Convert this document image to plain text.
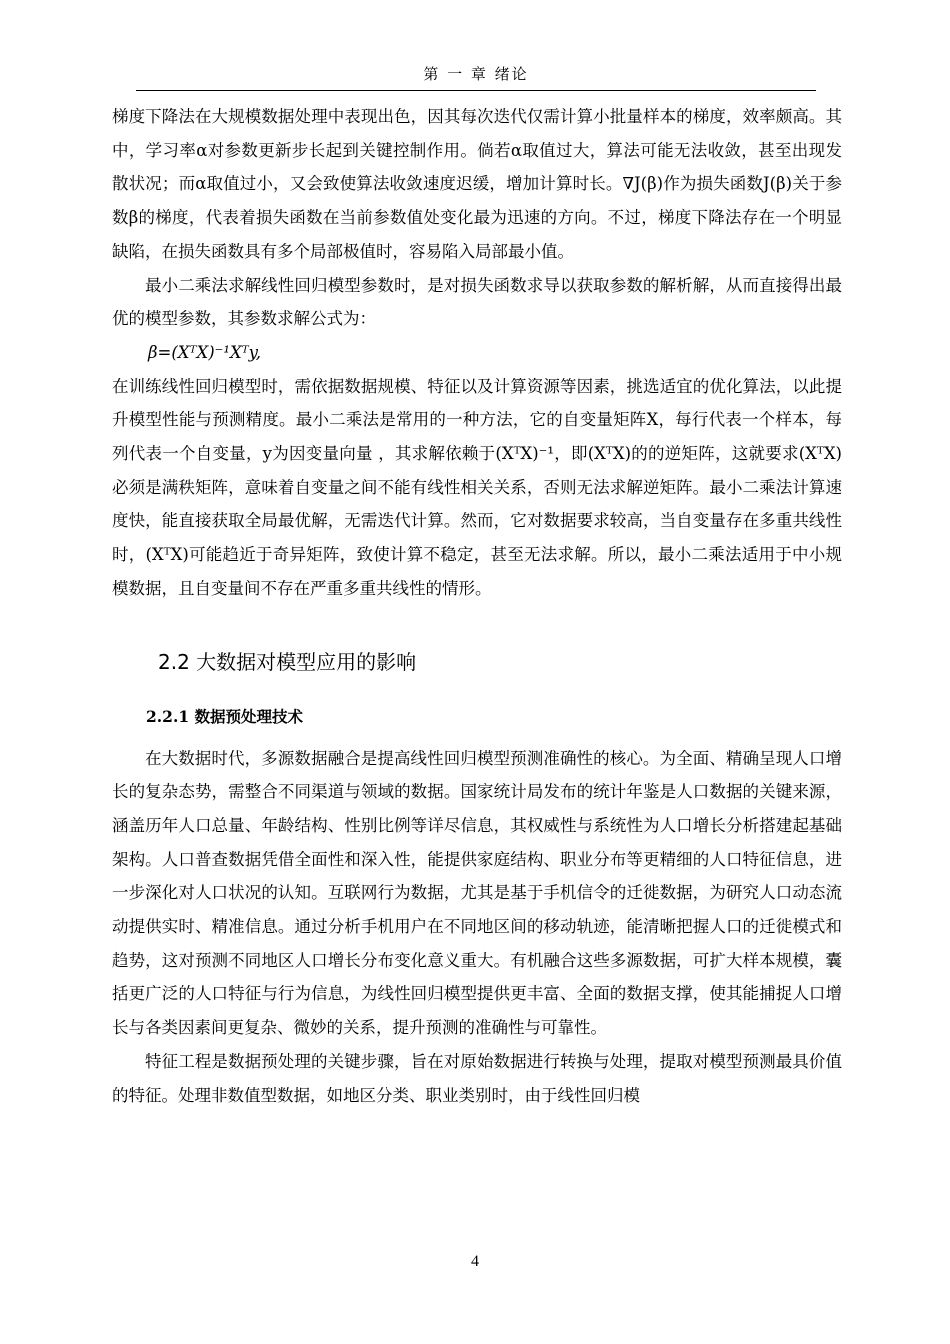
第 一 章 绪论

梯度下降法在大规模数据处理中表现出色，因其每次迭代仅需计算小批量样本的梯度，效率颇高。其中，学习率α对参数更新步长起到关键控制作用。倘若α取值过大，算法可能无法收敛，甚至出现发散状况；而α取值过小，又会致使算法收敛速度迟缓，增加计算时长。∇J(β)作为损失函数J(β)关于参数β的梯度，代表着损失函数在当前参数值处变化最为迅速的方向。不过，梯度下降法存在一个明显缺陷，在损失函数具有多个局部极值时，容易陷入局部最小值。

最小二乘法求解线性回归模型参数时，是对损失函数求导以获取参数的解析解，从而直接得出最优的模型参数，其参数求解公式为：

β=(XᵀX)⁻¹Xᵀy,

在训练线性回归模型时，需依据数据规模、特征以及计算资源等因素，挑选适宜的优化算法，以此提升模型性能与预测精度。最小二乘法是常用的一种方法，它的自变量矩阵X，每行代表一个样本，每列代表一个自变量，y为因变量向量 ，其求解依赖于(XᵀX)⁻¹，即(XᵀX)的的逆矩阵，这就要求(XᵀX)必须是满秩矩阵，意味着自变量之间不能有线性相关关系，否则无法求解逆矩阵。最小二乘法计算速度快，能直接获取全局最优解，无需迭代计算。然而，它对数据要求较高，当自变量存在多重共线性时，(XᵀX)可能趋近于奇异矩阵，致使计算不稳定，甚至无法求解。所以，最小二乘法适用于中小规模数据，且自变量间不存在严重多重共线性的情形。

2.2 大数据对模型应用的影响
2.2.1 数据预处理技术

在大数据时代，多源数据融合是提高线性回归模型预测准确性的核心。为全面、精确呈现人口增长的复杂态势，需整合不同渠道与领域的数据。国家统计局发布的统计年鉴是人口数据的关键来源，涵盖历年人口总量、年龄结构、性别比例等详尽信息，其权威性与系统性为人口增长分析搭建起基础架构。人口普查数据凭借全面性和深入性，能提供家庭结构、职业分布等更精细的人口特征信息，进一步深化对人口状况的认知。互联网行为数据，尤其是基于手机信令的迁徙数据，为研究人口动态流动提供实时、精准信息。通过分析手机用户在不同地区间的移动轨迹，能清晰把握人口的迁徙模式和趋势，这对预测不同地区人口增长分布变化意义重大。有机融合这些多源数据，可扩大样本规模，囊括更广泛的人口特征与行为信息，为线性回归模型提供更丰富、全面的数据支撑，使其能捕捉人口增长与各类因素间更复杂、微妙的关系，提升预测的准确性与可靠性。

特征工程是数据预处理的关键步骤，旨在对原始数据进行转换与处理，提取对模型预测最具价值的特征。处理非数值型数据，如地区分类、职业类别时，由于线性回归模

4
